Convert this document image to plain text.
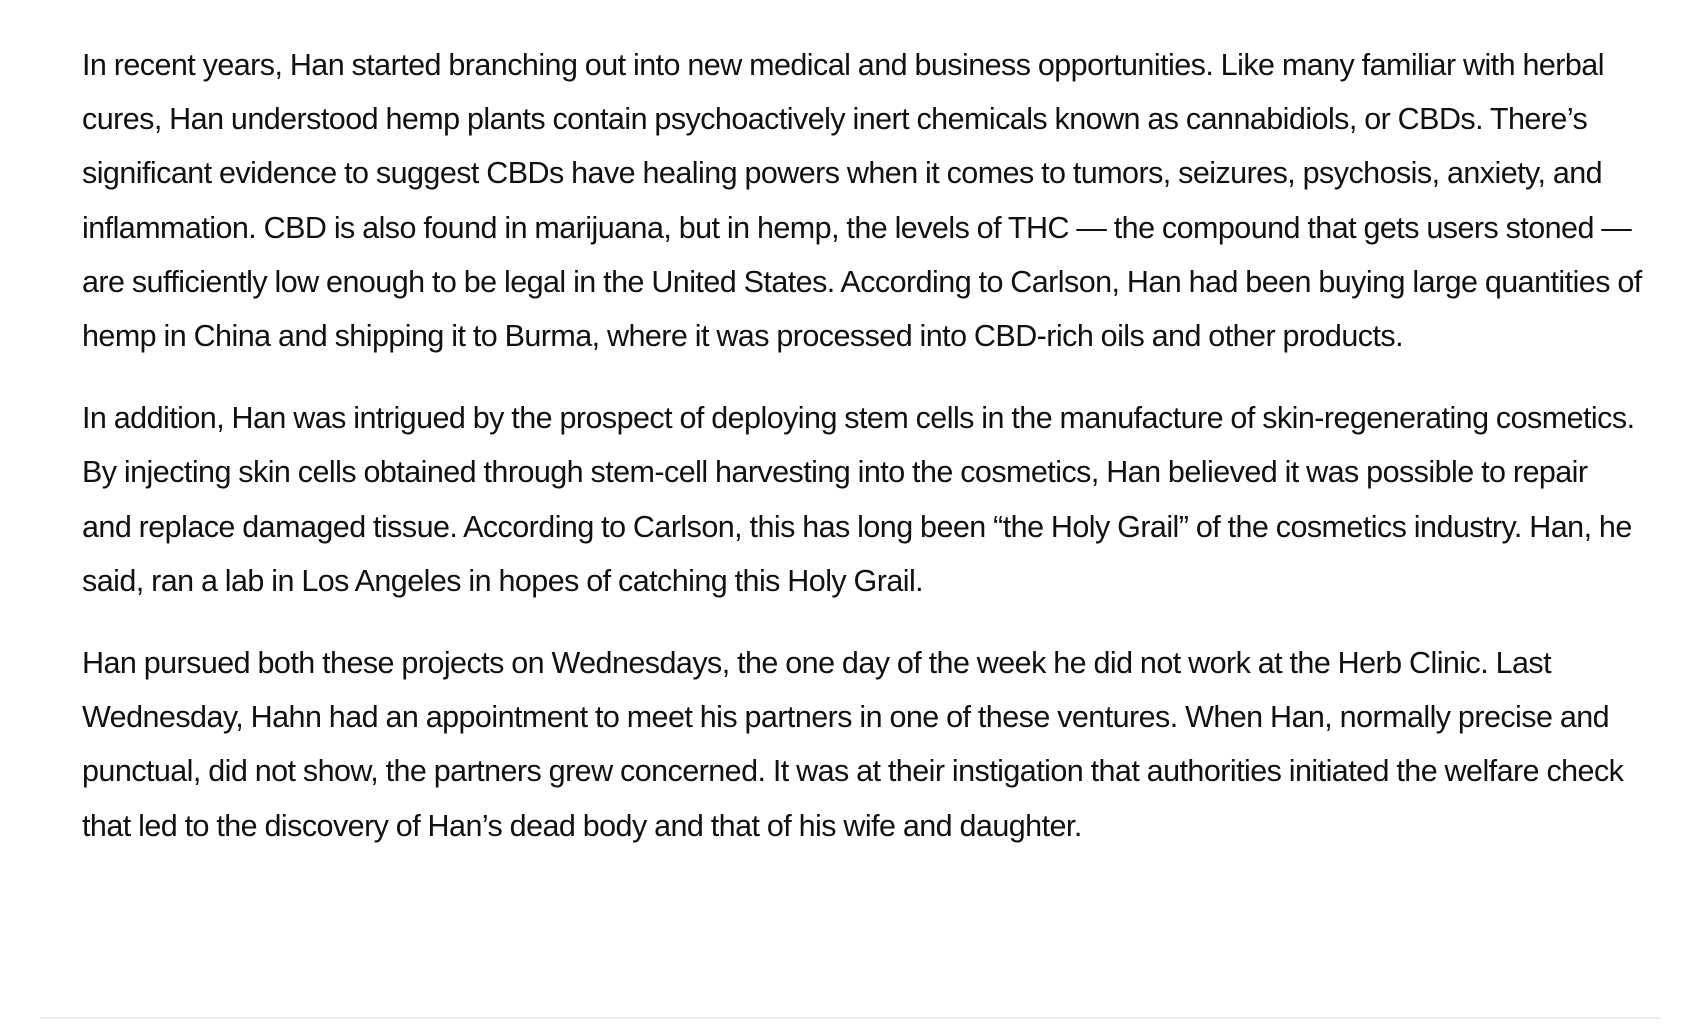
In recent years, Han started branching out into new medical and business opportunities. Like many familiar with herbal cures, Han understood hemp plants contain psychoactively inert chemicals known as cannabidiols, or CBDs. There’s significant evidence to suggest CBDs have healing powers when it comes to tumors, seizures, psychosis, anxiety, and inflammation. CBD is also found in marijuana, but in hemp, the levels of THC — the compound that gets users stoned — are sufficiently low enough to be legal in the United States. According to Carlson, Han had been buying large quantities of hemp in China and shipping it to Burma, where it was processed into CBD-rich oils and other products.

In addition, Han was intrigued by the prospect of deploying stem cells in the manufacture of skin-regenerating cosmetics. By injecting skin cells obtained through stem-cell harvesting into the cosmetics, Han believed it was possible to repair and replace damaged tissue. According to Carlson, this has long been “the Holy Grail” of the cosmetics industry. Han, he said, ran a lab in Los Angeles in hopes of catching this Holy Grail.

Han pursued both these projects on Wednesdays, the one day of the week he did not work at the Herb Clinic. Last Wednesday, Hahn had an appointment to meet his partners in one of these ventures. When Han, normally precise and punctual, did not show, the partners grew concerned. It was at their instigation that authorities initiated the welfare check that led to the discovery of Han’s dead body and that of his wife and daughter.
